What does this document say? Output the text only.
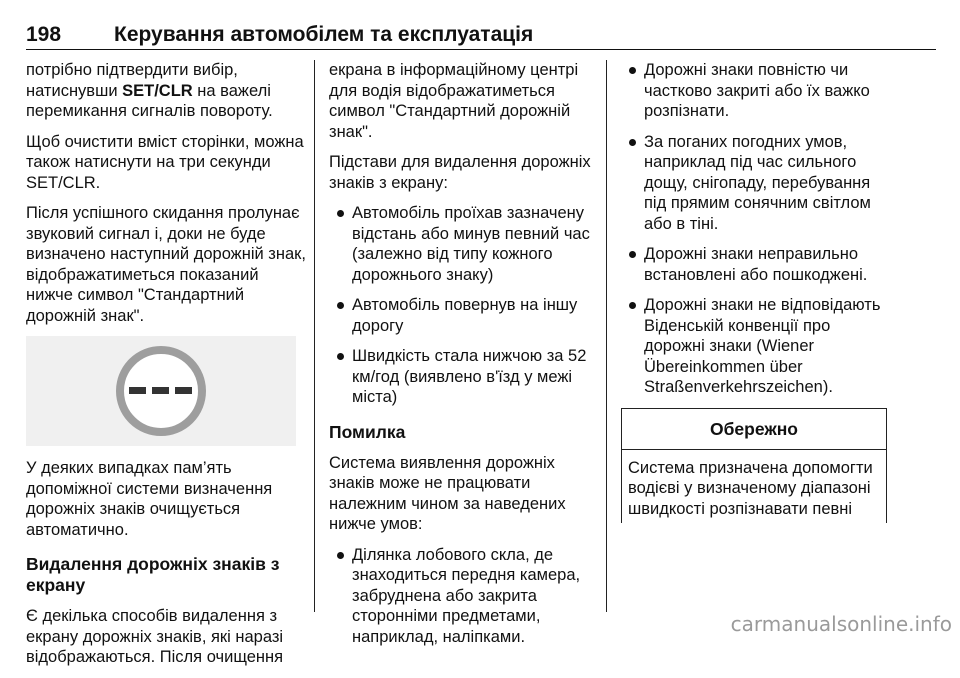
198	Керування автомобілем та експлуатація

потрібно підтвердити вибір,
натиснувши SET/CLR на важелі
перемикання сигналів повороту.

Щоб очистити вміст сторінки, можна також натиснути на три секунди SET/CLR.

Після успішного скидання пролунає звуковий сигнал і, доки не буде визначено наступний дорожній знак, відображатиметься показаний нижче символ "Стандартний дорожній знак".

У деяких випадках пам’ять допоміжної системи визначення дорожніх знаків очищується автоматично.

Видалення дорожніх знаків з екрану

Є декілька способів видалення з екрану дорожніх знаків, які наразі відображаються. Після очищення

екрана в інформаційному центрі для водія відображатиметься символ "Стандартний дорожній знак".

Підстави для видалення дорожніх знаків з екрану:

Автомобіль проїхав зазначену відстань або минув певний час (залежно від типу кожного дорожнього знаку)
Автомобіль повернув на іншу дорогу
Швидкість стала нижчою за 52 км/год (виявлено в'їзд у межі міста)
Помилка

Система виявлення дорожніх знаків може не працювати належним чином за наведених нижче умов:

Ділянка лобового скла, де знаходиться передня камера, забруднена або закрита сторонніми предметами, наприклад, наліпками.
Дорожні знаки повністю чи частково закриті або їх важко розпізнати.
За поганих погодних умов, наприклад під час сильного дощу, снігопаду, перебування під прямим сонячним світлом або в тіні.
Дорожні знаки неправильно встановлені або пошкоджені.
Дорожні знаки не відповідають Віденській конвенції про дорожні знаки (Wiener Übereinkommen über Straßenverkehrszeichen).
Обережно
Система призначена допомогти водієві у визначеному діапазоні швидкості розпізнавати певні
carmanualsonline.info
